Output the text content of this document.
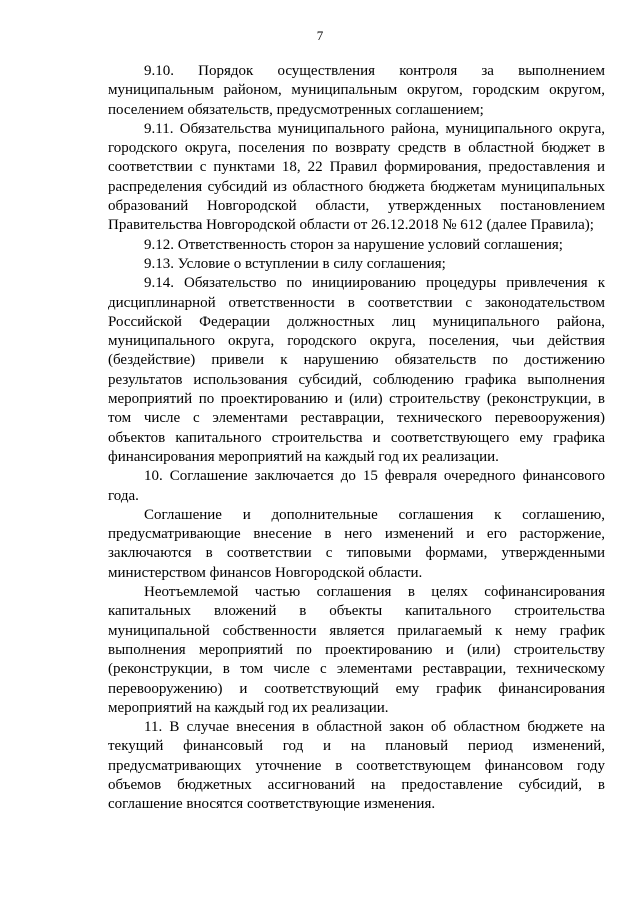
7

9.10. Порядок осуществления контроля за выполнением муниципальным районом, муниципальным округом, городским округом, поселением обязательств, предусмотренных соглашением;

9.11. Обязательства муниципального района, муниципального округа, городского округа, поселения по возврату средств в областной бюджет в соответствии с пунктами 18, 22 Правил формирования, предоставления и распределения субсидий из областного бюджета бюджетам муниципальных образований Новгородской области, утвержденных постановлением Правительства Новгородской области от 26.12.2018 № 612 (далее Правила);

9.12. Ответственность сторон за нарушение условий соглашения;

9.13. Условие о вступлении в силу соглашения;

9.14. Обязательство по инициированию процедуры привлечения к дисциплинарной ответственности в соответствии с законодательством Российской Федерации должностных лиц муниципального района, муниципального округа, городского округа, поселения, чьи действия (бездействие) привели к нарушению обязательств по достижению результатов использования субсидий, соблюдению графика выполнения мероприятий по проектированию и (или) строительству (реконструкции, в том числе с элементами реставрации, технического перевооружения) объектов капитального строительства и соответствующего ему графика финансирования мероприятий на каждый год их реализации.

10. Соглашение заключается до 15 февраля очередного финансового года.

Соглашение и дополнительные соглашения к соглашению, предусматривающие внесение в него изменений и его расторжение, заключаются в соответствии с типовыми формами, утвержденными министерством финансов Новгородской области.

Неотъемлемой частью соглашения в целях софинансирования капитальных вложений в объекты капитального строительства муниципальной собственности является прилагаемый к нему график выполнения мероприятий по проектированию и (или) строительству (реконструкции, в том числе с элементами реставрации, техническому перевооружению) и соответствующий ему график финансирования мероприятий на каждый год их реализации.

11. В случае внесения в областной закон об областном бюджете на текущий финансовый год и на плановый период изменений, предусматривающих уточнение в соответствующем финансовом году объемов бюджетных ассигнований на предоставление субсидий, в соглашение вносятся соответствующие изменения.
